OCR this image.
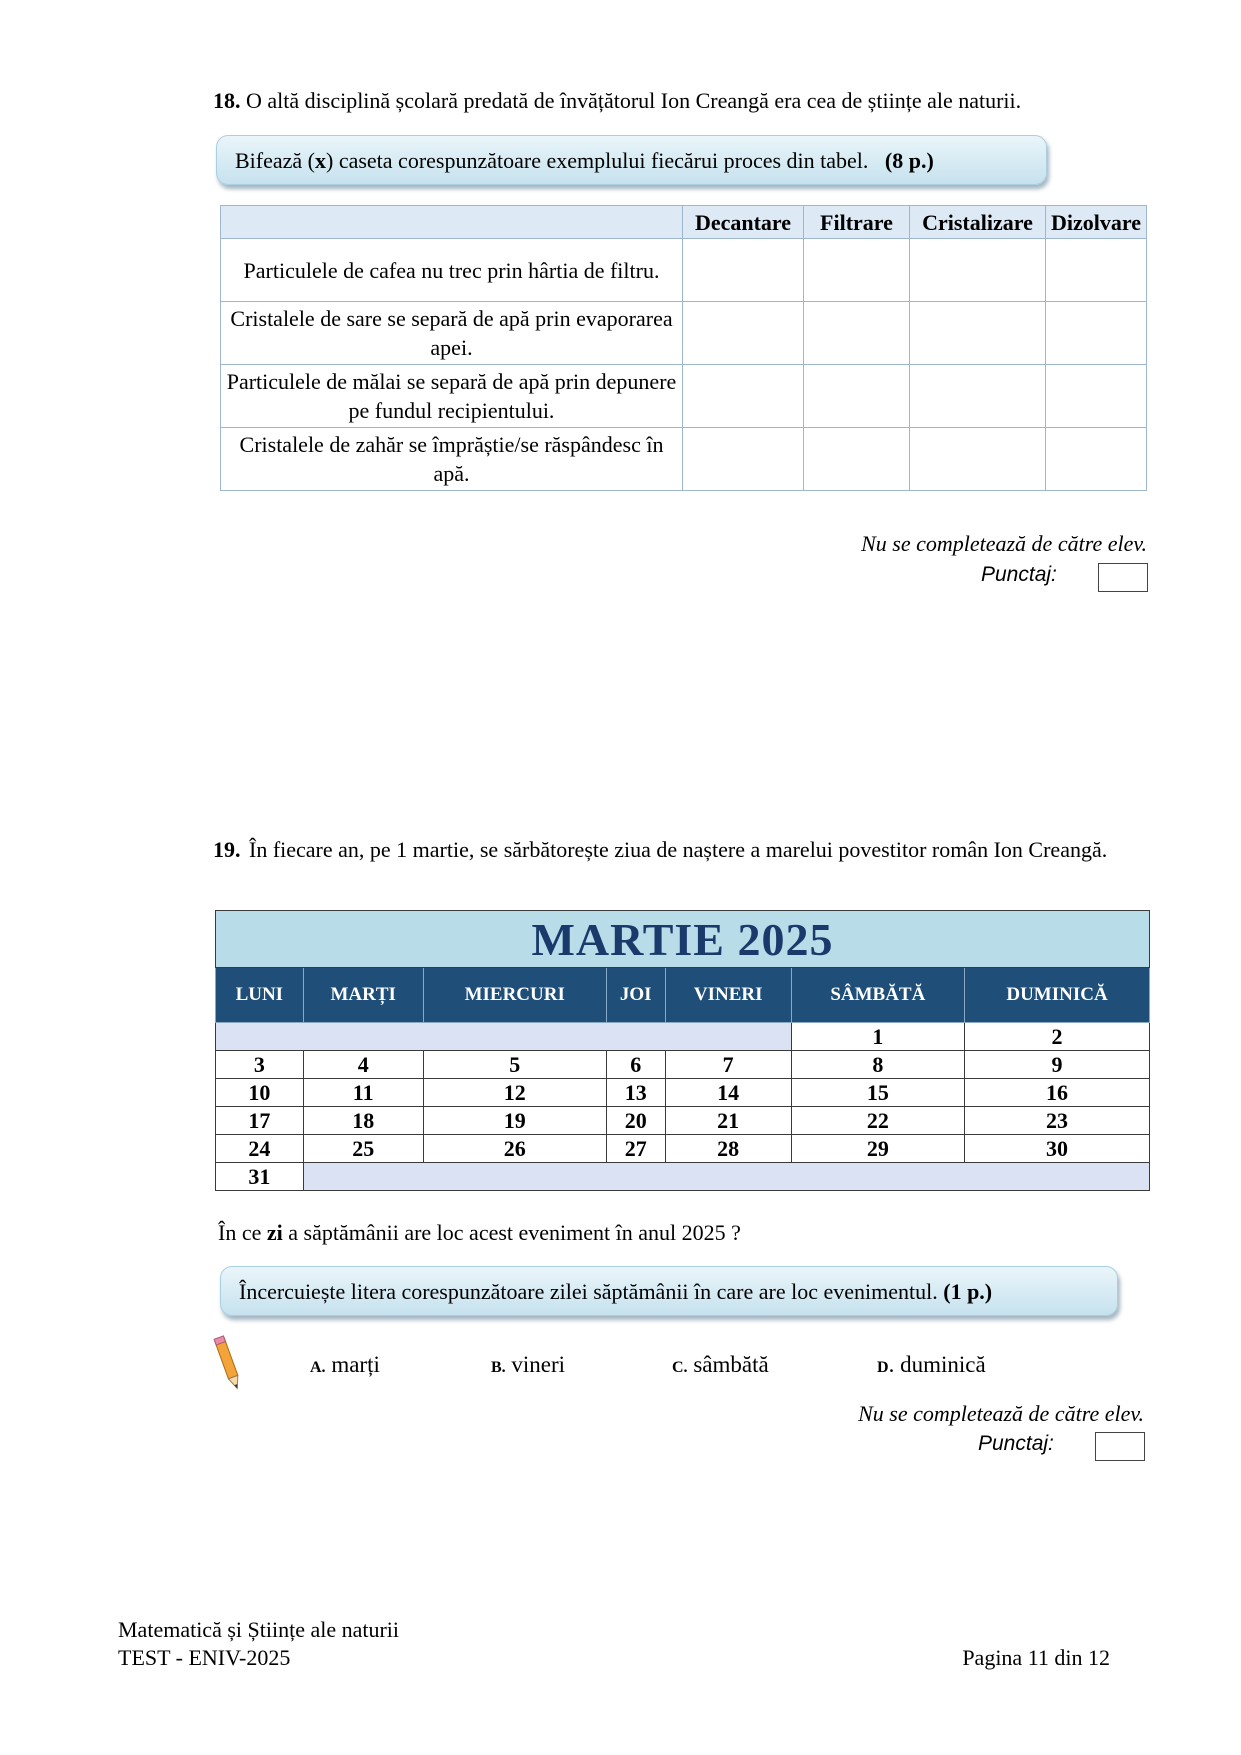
18. O altă disciplină școlară predată de învățătorul Ion Creangă era cea de științe ale naturii.
Bifează (x) caseta corespunzătoare exemplului fiecărui proces din tabel. (8 p.)
	Decantare	Filtrare	Cristalizare	Dizolvare
Particulele de cafea nu trec prin hârtia de filtru.				
Cristalele de sare se separă de apă prin evaporarea apei.				
Particulele de mălai se separă de apă prin depunere pe fundul recipientului.				
Cristalele de zahăr se împrăștie/se răspândesc în apă.				
Nu se completează de către elev.
Punctaj:
19. În fiecare an, pe 1 martie, se sărbătorește ziua de naștere a marelui povestitor român Ion Creangă.
MARTIE 2025						
LUNI	MARȚI	MIERCURI	JOI	VINERI	SÂMBĂTĂ	DUMINICĂ
					1	2
3	4	5	6	7	8	9
10	11	12	13	14	15	16
17	18	19	20	21	22	23
24	25	26	27	28	29	30
31						
În ce zi a săptămânii are loc acest eveniment în anul 2025 ?
Încercuiește litera corespunzătoare zilei săptămânii în care are loc evenimentul. (1 p.)
A. marți	B. vineri	C. sâmbătă	D. duminică
Nu se completează de către elev.
Punctaj:
Matematică și Științe ale naturii
TEST - ENIV-2025	Pagina 11 din 12
